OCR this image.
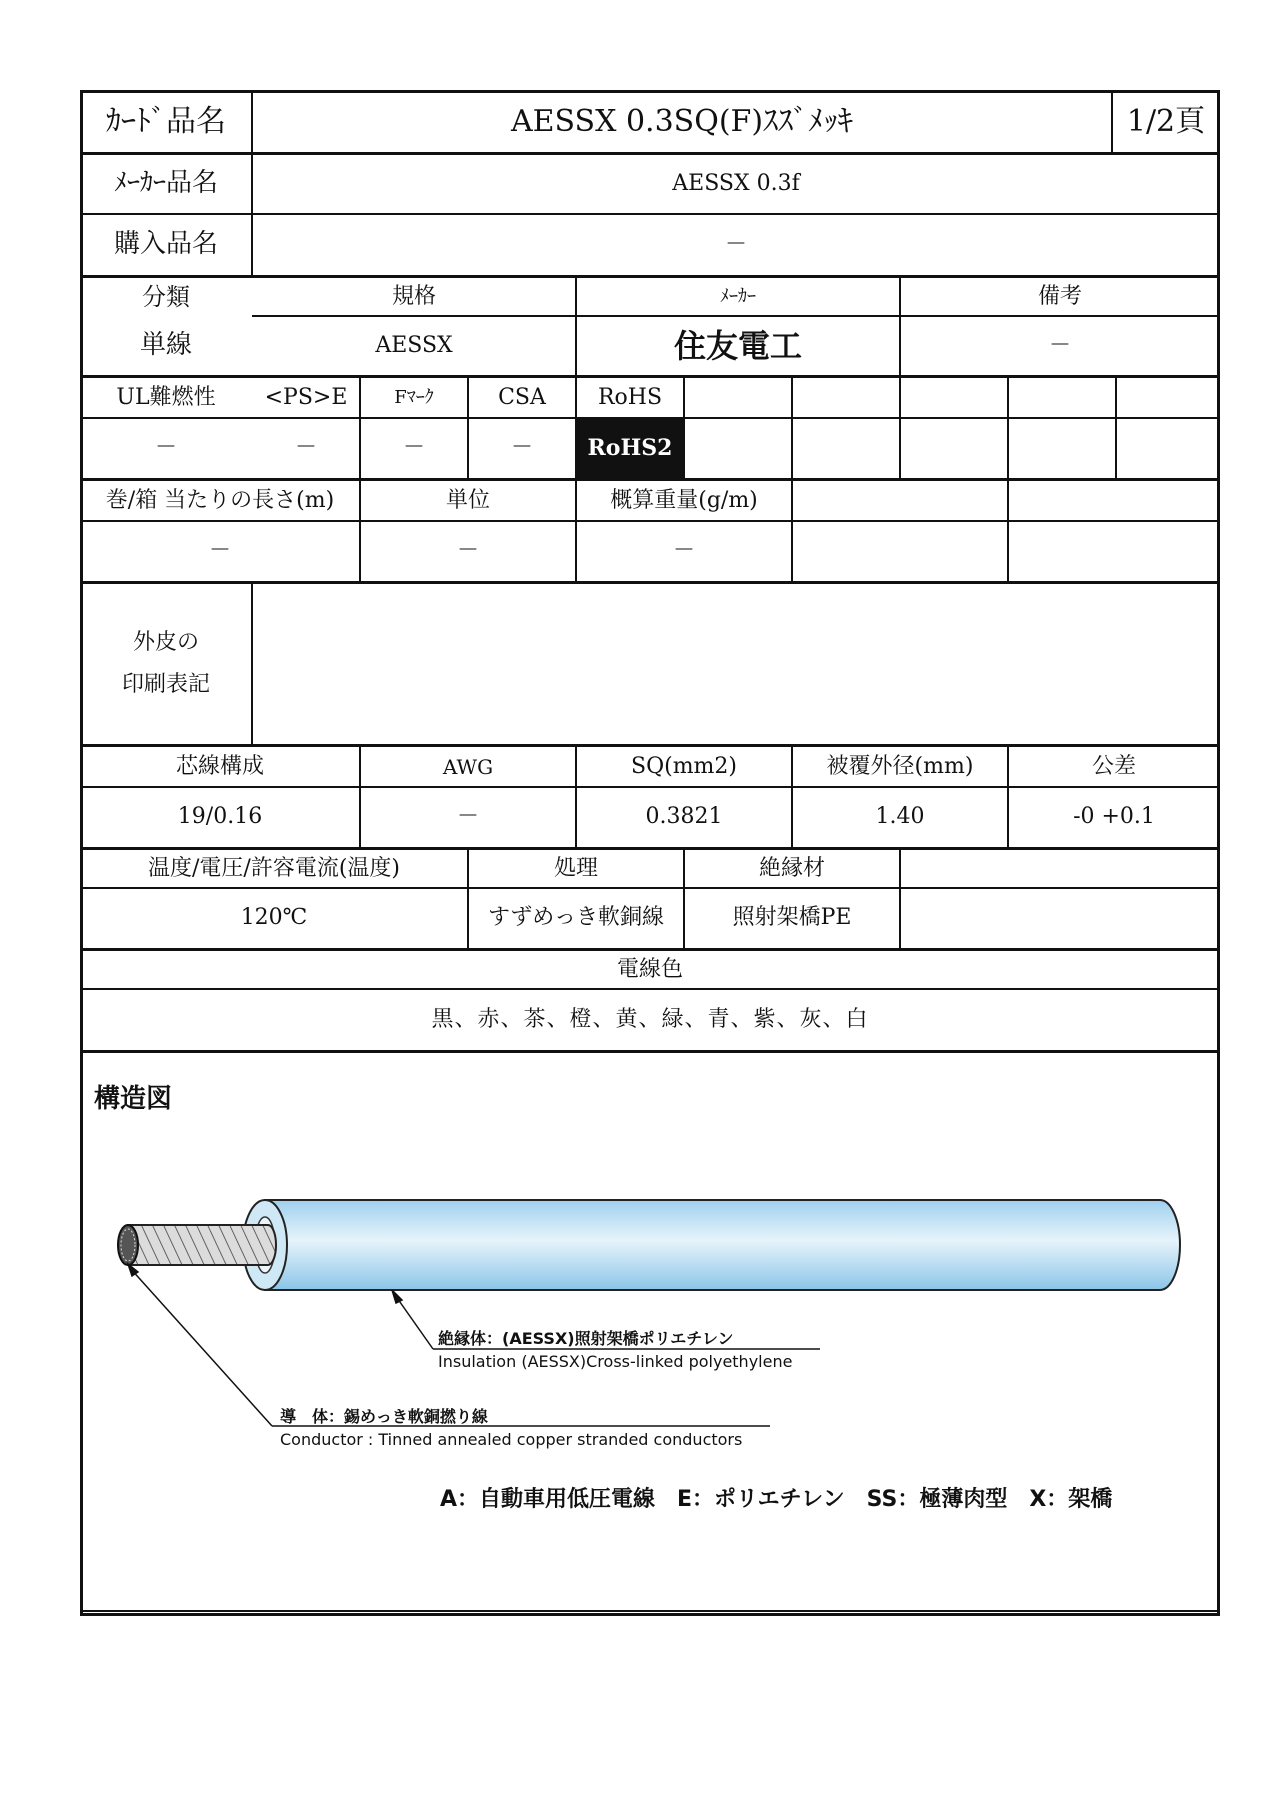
ｶｰﾄﾞ品名	AESSX 0.3SQ(F)ｽｽﾞﾒｯｷ	1/2頁
ﾒｰｶｰ品名	AESSX 0.3f
購入品名	－
分類	規格	ﾒｰｶｰ	備考
単線	AESSX	住友電工	－
UL難燃性	<PS>E	Fﾏｰｸ	CSA	RoHS
－	－	－	－	RoHS2
巻/箱 当たりの長さ(m)	単位	概算重量(g/m)
－	－	－
外皮の
印刷表記
芯線構成	AWG	SQ(mm2)	被覆外径(mm)	公差
19/0.16	－	0.3821	1.40	-0 +0.1
温度/電圧/許容電流(温度)	処理	絶縁材
120℃	すずめっき軟銅線	照射架橋PE
電線色
黒、赤、茶、橙、黄、緑、青、紫、灰、白
構造図
絶縁体：(AESSX)照射架橋ポリエチレン
Insulation (AESSX)Cross-linked polyethylene
導　体：錫めっき軟銅撚り線
Conductor : Tinned annealed copper stranded conductors
A：自動車用低圧電線　E：ポリエチレン　SS：極薄肉型　X：架橋
